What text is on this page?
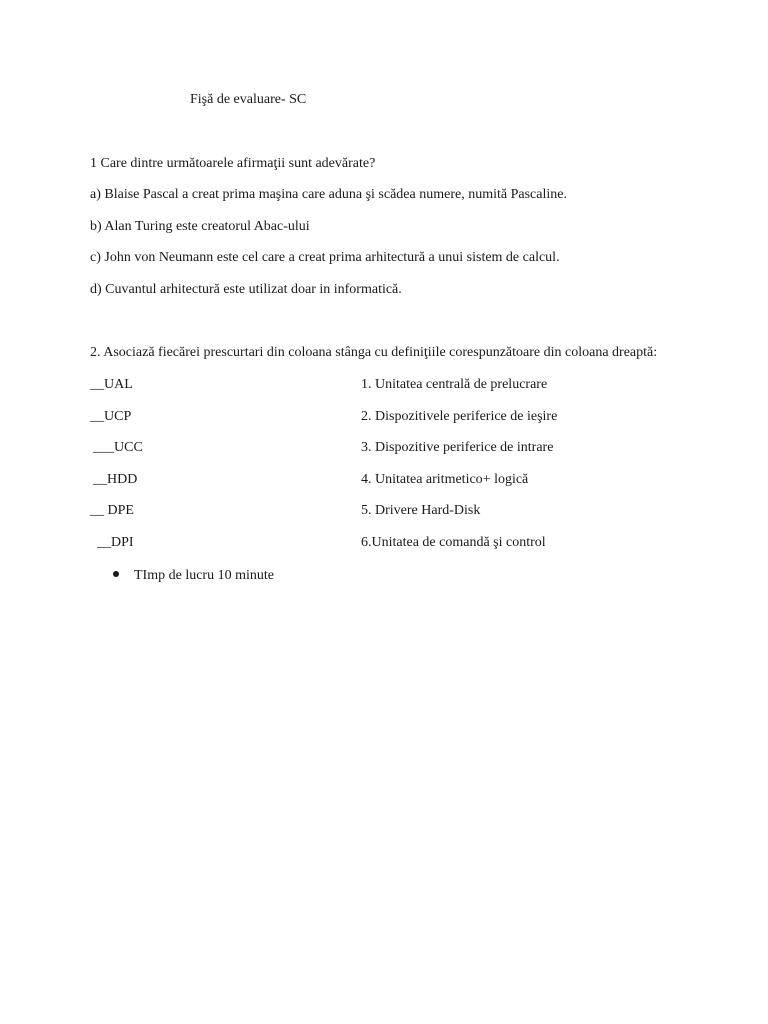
Fişă de evaluare- SC
1 Care dintre următoarele afirmaţii sunt adevărate?
a) Blaise Pascal a creat prima maşina care aduna şi scădea numere, numită Pascaline.
b) Alan Turing este creatorul Abac-ului
c) John von Neumann este cel care a creat prima arhitectură a unui sistem de calcul.
d) Cuvantul arhitectură este utilizat doar in informatică.
2. Asociază fiecărei prescurtari din coloana stânga cu definiţiile corespunzătoare din coloana dreaptă:
__UAL
__UCP
___UCC
__HDD
__ DPE
__DPI
1. Unitatea centrală de prelucrare
2. Dispozitivele periferice de ieşire
3. Dispozitive periferice de intrare
4. Unitatea aritmetico+ logică
5. Drivere Hard-Disk
6.Unitatea de comandă şi control
TImp de lucru 10 minute
